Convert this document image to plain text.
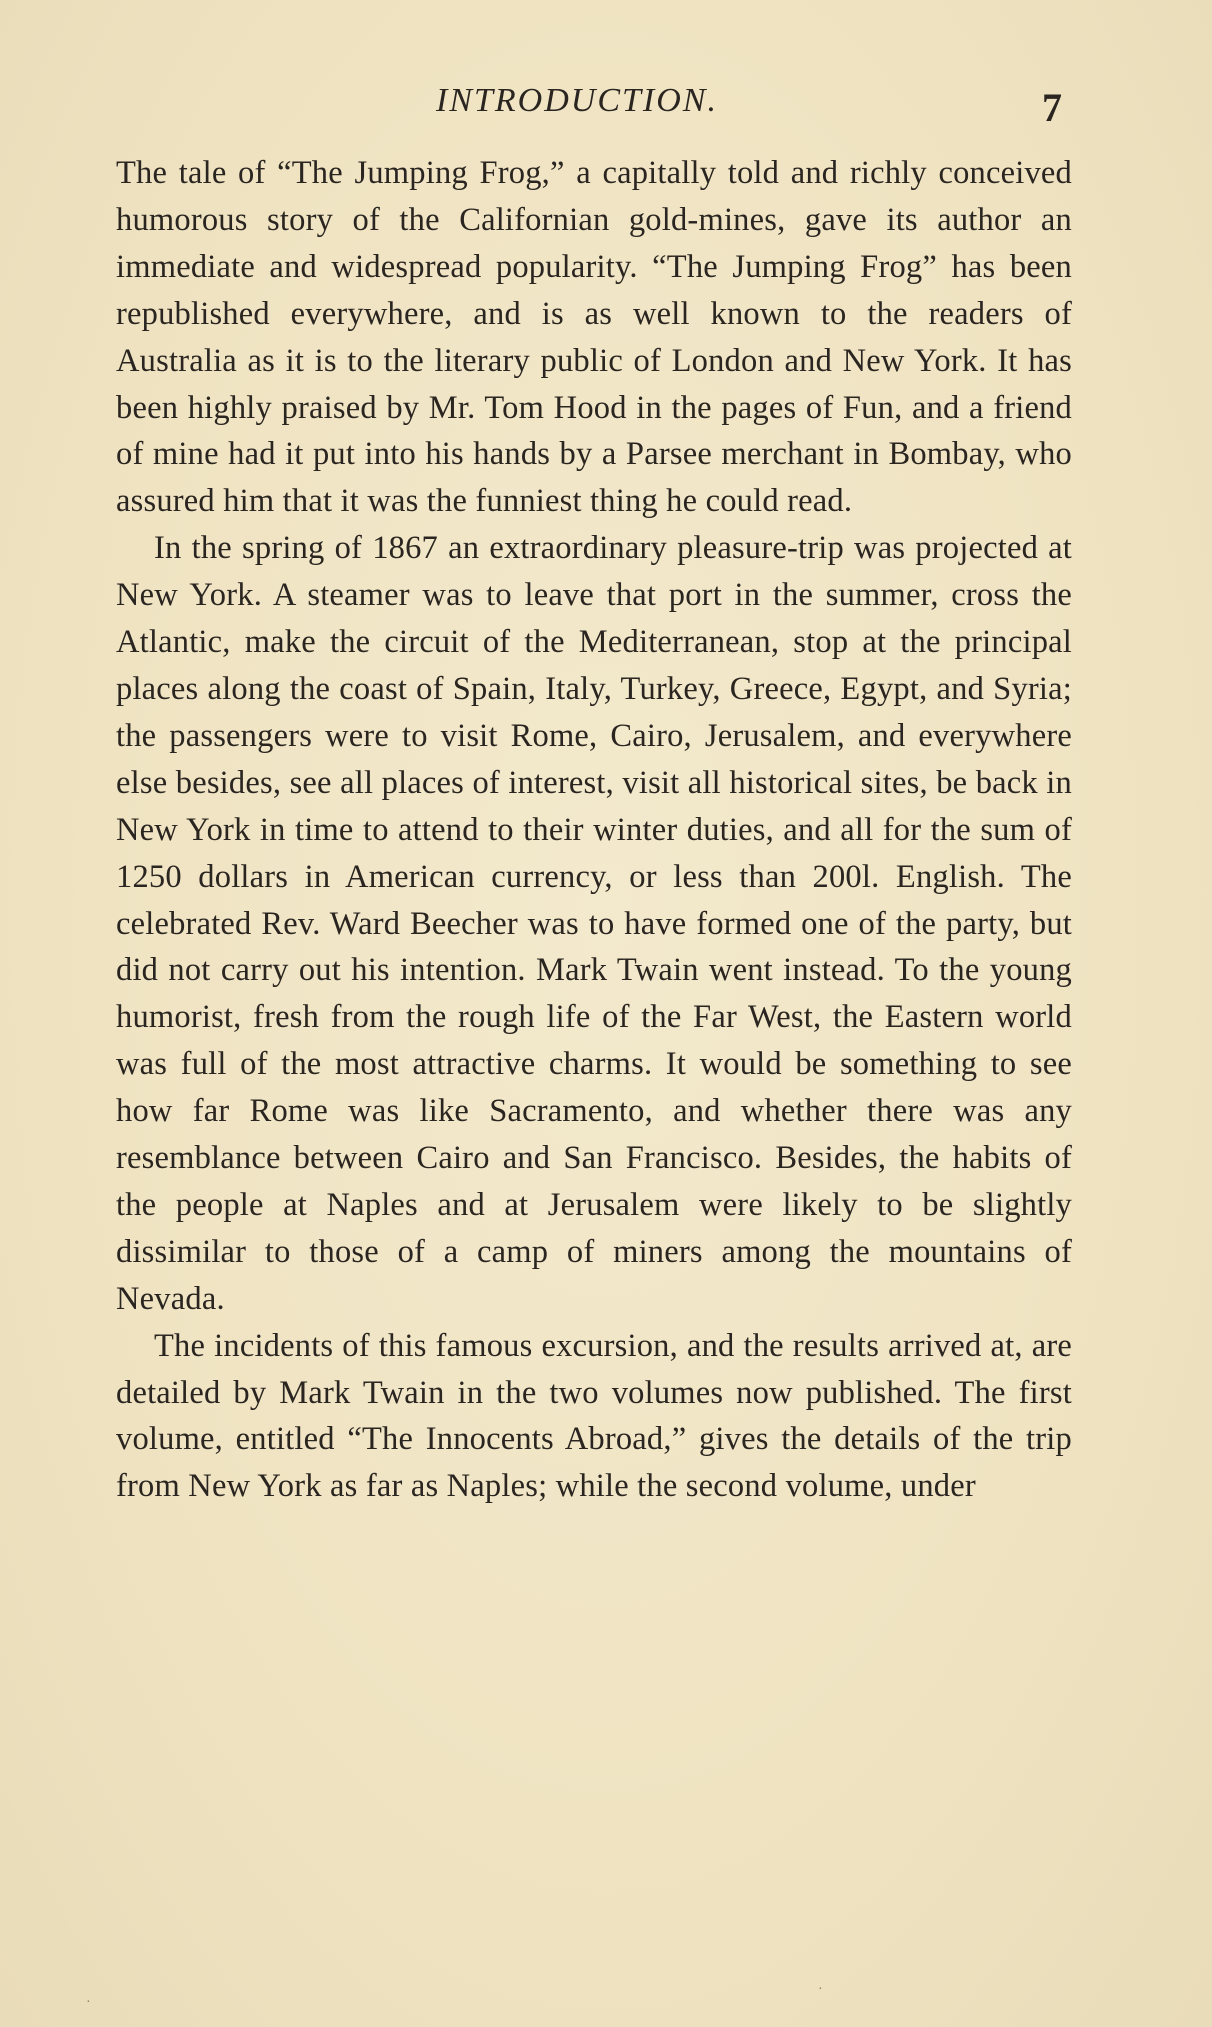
INTRODUCTION.	7

The tale of “The Jumping Frog,” a capitally told and richly conceived humorous story of the Californian gold-mines, gave its author an immediate and widespread popularity. “The Jumping Frog” has been republished everywhere, and is as well known to the readers of Australia as it is to the literary public of London and New York. It has been highly praised by Mr. Tom Hood in the pages of Fun, and a friend of mine had it put into his hands by a Parsee merchant in Bombay, who assured him that it was the funniest thing he could read.

In the spring of 1867 an extraordinary pleasure-trip was projected at New York. A steamer was to leave that port in the summer, cross the Atlantic, make the circuit of the Mediterranean, stop at the principal places along the coast of Spain, Italy, Turkey, Greece, Egypt, and Syria; the passengers were to visit Rome, Cairo, Jerusalem, and everywhere else besides, see all places of interest, visit all historical sites, be back in New York in time to attend to their winter duties, and all for the sum of 1250 dollars in American currency, or less than 200l. English. The celebrated Rev. Ward Beecher was to have formed one of the party, but did not carry out his intention. Mark Twain went instead. To the young humorist, fresh from the rough life of the Far West, the Eastern world was full of the most attractive charms. It would be something to see how far Rome was like Sacramento, and whether there was any resemblance between Cairo and San Francisco. Besides, the habits of the people at Naples and at Jerusalem were likely to be slightly dissimilar to those of a camp of miners among the mountains of Nevada.

The incidents of this famous excursion, and the results arrived at, are detailed by Mark Twain in the two volumes now published. The first volume, entitled “The Innocents Abroad,” gives the details of the trip from New York as far as Naples; while the second volume, under

·
·
